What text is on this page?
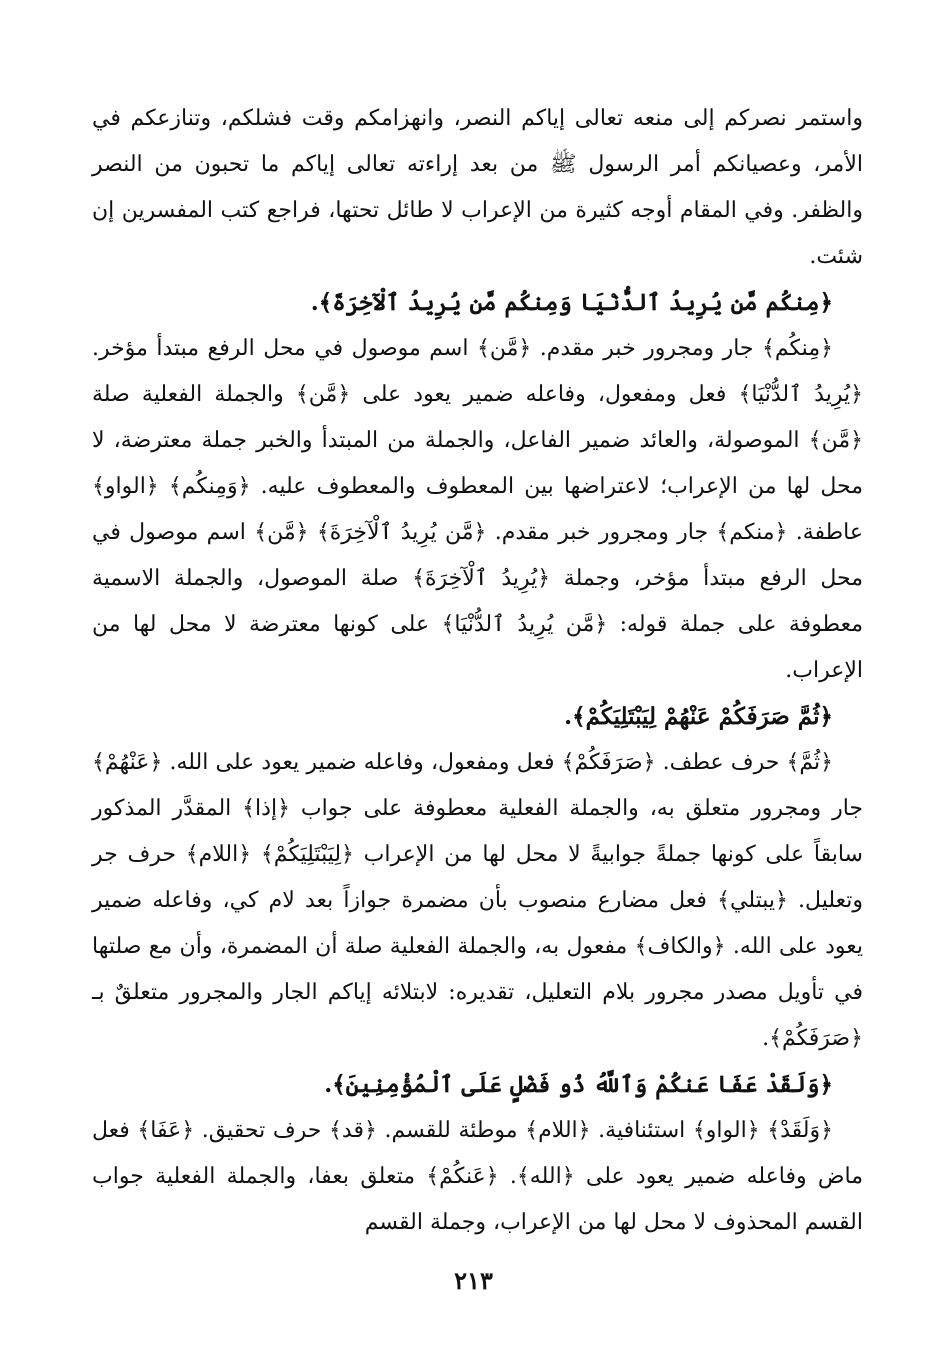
واستمر نصركم إلى منعه تعالى إياكم النصر، وانهزامكم وقت فشلكم، وتنازعكم في الأمر، وعصيانكم أمر الرسول ﷺ من بعد إراءته تعالى إياكم ما تحبون من النصر والظفر. وفي المقام أوجه كثيرة من الإعراب لا طائل تحتها، فراجع كتب المفسرين إن شئت.

﴿مِنكُم مَّن يُرِيدُ ٱلدُّنْيَا وَمِنكُم مَّن يُرِيدُ ٱلْآخِرَةَ﴾.

﴿مِنكُم﴾ جار ومجرور خبر مقدم. ﴿مَّن﴾ اسم موصول في محل الرفع مبتدأ مؤخر. ﴿يُرِيدُ ٱلدُّنْيَا﴾ فعل ومفعول، وفاعله ضمير يعود على ﴿مَّن﴾ والجملة الفعلية صلة ﴿مَّن﴾ الموصولة، والعائد ضمير الفاعل، والجملة من المبتدأ والخبر جملة معترضة، لا محل لها من الإعراب؛ لاعتراضها بين المعطوف والمعطوف عليه. ﴿وَمِنكُم﴾ ﴿الواو﴾ عاطفة. ﴿منكم﴾ جار ومجرور خبر مقدم. ﴿مَّن يُرِيدُ ٱلْآخِرَةَ﴾ ﴿مَّن﴾ اسم موصول في محل الرفع مبتدأ مؤخر، وجملة ﴿يُرِيدُ ٱلْآخِرَةَ﴾ صلة الموصول، والجملة الاسمية معطوفة على جملة قوله: ﴿مَّن يُرِيدُ ٱلدُّنْيَا﴾ على كونها معترضة لا محل لها من الإعراب.

﴿ثُمَّ صَرَفَكُمْ عَنْهُمْ لِيَبْتَلِيَكُمْ﴾.

﴿ثُمَّ﴾ حرف عطف. ﴿صَرَفَكُمْ﴾ فعل ومفعول، وفاعله ضمير يعود على الله. ﴿عَنْهُمْ﴾ جار ومجرور متعلق به، والجملة الفعلية معطوفة على جواب ﴿إذا﴾ المقدَّر المذكور سابقاً على كونها جملةً جوابيةً لا محل لها من الإعراب ﴿لِيَبْتَلِيَكُمْ﴾ ﴿اللام﴾ حرف جر وتعليل. ﴿يبتلي﴾ فعل مضارع منصوب بأن مضمرة جوازاً بعد لام كي، وفاعله ضمير يعود على الله. ﴿والكاف﴾ مفعول به، والجملة الفعلية صلة أن المضمرة، وأن مع صلتها في تأويل مصدر مجرور بلام التعليل، تقديره: لابتلائه إياكم الجار والمجرور متعلقٌ بـ ﴿صَرَفَكُمْ﴾.

﴿وَلَقَدْ عَفَا عَنكُمْ وَٱللَّهُ ذُو فَضْلٍ عَلَى ٱلْمُؤْمِنِينَ﴾.

﴿وَلَقَدْ﴾ ﴿الواو﴾ استئنافية. ﴿اللام﴾ موطئة للقسم. ﴿قد﴾ حرف تحقيق. ﴿عَفَا﴾ فعل ماض وفاعله ضمير يعود على ﴿الله﴾. ﴿عَنكُمْ﴾ متعلق بعفا، والجملة الفعلية جواب القسم المحذوف لا محل لها من الإعراب، وجملة القسم

٢١٣
